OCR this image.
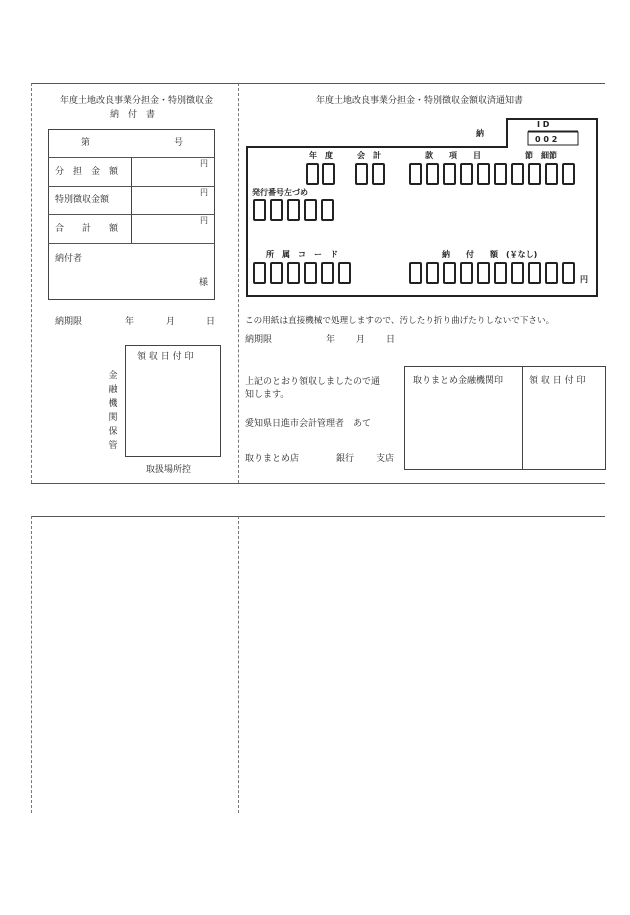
年度土地改良事業分担金・特別徴収金
納　付　書
第	号
分　担　金　額
円
特別徴収金額
円
合　　計　　額
円
納付者
様
納期限	年	月	日
金
融
機
関
保
管
領 収 日 付 印
取扱場所控
年度土地改良事業分担金・特別徴収金額収済通知書
I D
0 0 2
納
年　度	会　計	款　　項　　目	節　細節
発行番号左づめ
所　属　コ　ー　ド	納　　付　　額　(￥なし)
円
この用紙は直接機械で処理しますので、汚したり折り曲げたりしないで下さい。
納期限	年 月 日
上記のとおり領収しましたので通
知します。
愛知県日進市会計管理者　あて
取りまとめ店	銀行 支店
取りまとめ金融機関印	領 収 日 付 印
